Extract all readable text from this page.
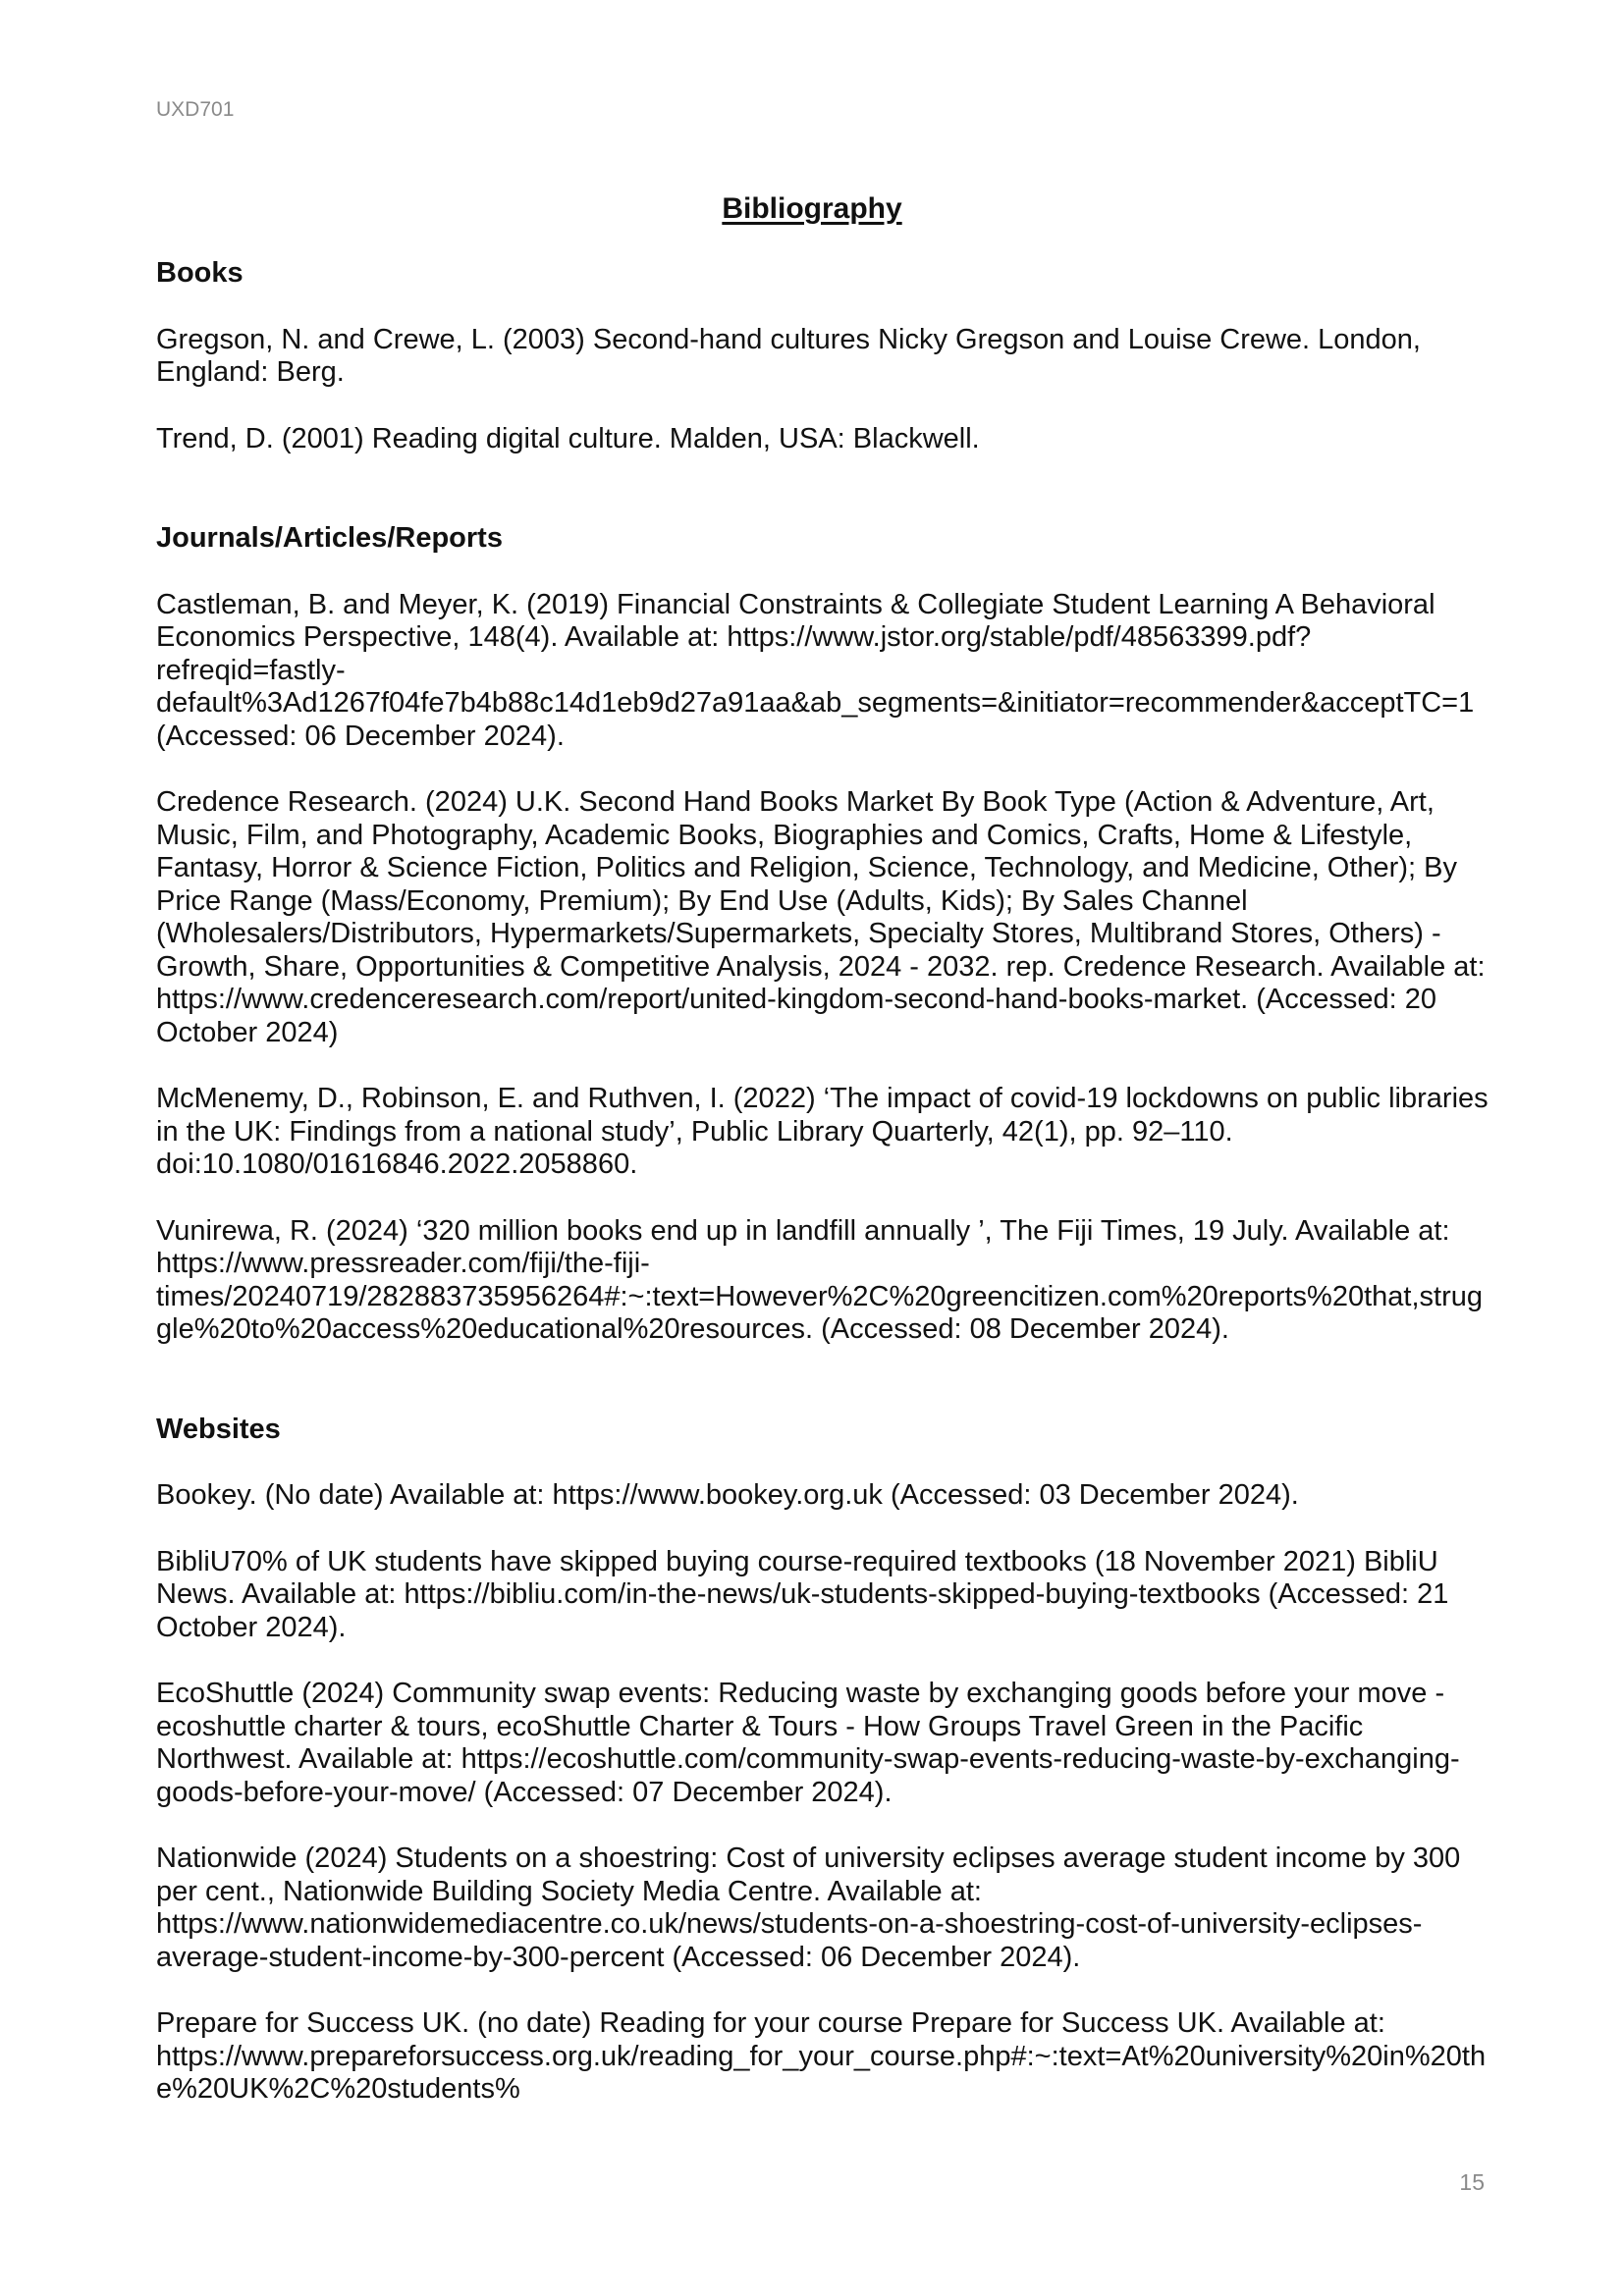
UXD701
Bibliography
Books

Gregson, N. and Crewe, L. (2003) Second-hand cultures Nicky Gregson and Louise Crewe. London, England: Berg.

Trend, D. (2001) Reading digital culture. Malden, USA: Blackwell.

Journals/Articles/Reports

Castleman, B. and Meyer, K. (2019) Financial Constraints & Collegiate Student Learning A Behavioral Economics Perspective, 148(4). Available at: https://www.jstor.org/stable/pdf/48563399.pdf?refreqid=fastly-default%3Ad1267f04fe7b4b88c14d1eb9d27a91aa&ab_segments=&initiator=recommender&acceptTC=1 (Accessed: 06 December 2024).

Credence Research. (2024) U.K. Second Hand Books Market By Book Type (Action & Adventure, Art, Music, Film, and Photography, Academic Books, Biographies and Comics, Crafts, Home & Lifestyle, Fantasy, Horror & Science Fiction, Politics and Religion, Science, Technology, and Medicine, Other); By Price Range (Mass/Economy, Premium); By End Use (Adults, Kids); By Sales Channel (Wholesalers/Distributors, Hypermarkets/Supermarkets, Specialty Stores, Multibrand Stores, Others) - Growth, Share, Opportunities & Competitive Analysis, 2024 - 2032. rep. Credence Research. Available at: https://www.credenceresearch.com/report/united-kingdom-second-hand-books-market. (Accessed: 20 October 2024)

McMenemy, D., Robinson, E. and Ruthven, I. (2022) ‘The impact of covid-19 lockdowns on public libraries in the UK: Findings from a national study’, Public Library Quarterly, 42(1), pp. 92–110. doi:10.1080/01616846.2022.2058860.

Vunirewa, R. (2024) ‘320 million books end up in landfill annually ’, The Fiji Times, 19 July. Available at: https://www.pressreader.com/fiji/the-fiji-times/20240719/282883735956264#:~:text=However%2C%20greencitizen.com%20reports%20that,struggle%20to%20access%20educational%20resources. (Accessed: 08 December 2024).

Websites

Bookey. (No date) Available at: https://www.bookey.org.uk (Accessed: 03 December 2024).

BibliU70% of UK students have skipped buying course-required textbooks (18 November 2021) BibliU News. Available at: https://bibliu.com/in-the-news/uk-students-skipped-buying-textbooks (Accessed: 21 October 2024).

EcoShuttle (2024) Community swap events: Reducing waste by exchanging goods before your move - ecoshuttle charter & tours, ecoShuttle Charter & Tours - How Groups Travel Green in the Pacific Northwest. Available at: https://ecoshuttle.com/community-swap-events-reducing-waste-by-exchanging-goods-before-your-move/ (Accessed: 07 December 2024).

Nationwide (2024) Students on a shoestring: Cost of university eclipses average student income by 300 per cent., Nationwide Building Society Media Centre. Available at: https://www.nationwidemediacentre.co.uk/news/students-on-a-shoestring-cost-of-university-eclipses-average-student-income-by-300-percent (Accessed: 06 December 2024).

Prepare for Success UK. (no date) Reading for your course Prepare for Success UK. Available at: https://www.prepareforsuccess.org.uk/reading_for_your_course.php#:~:text=At%20university%20in%20the%20UK%2C%20students%

15
